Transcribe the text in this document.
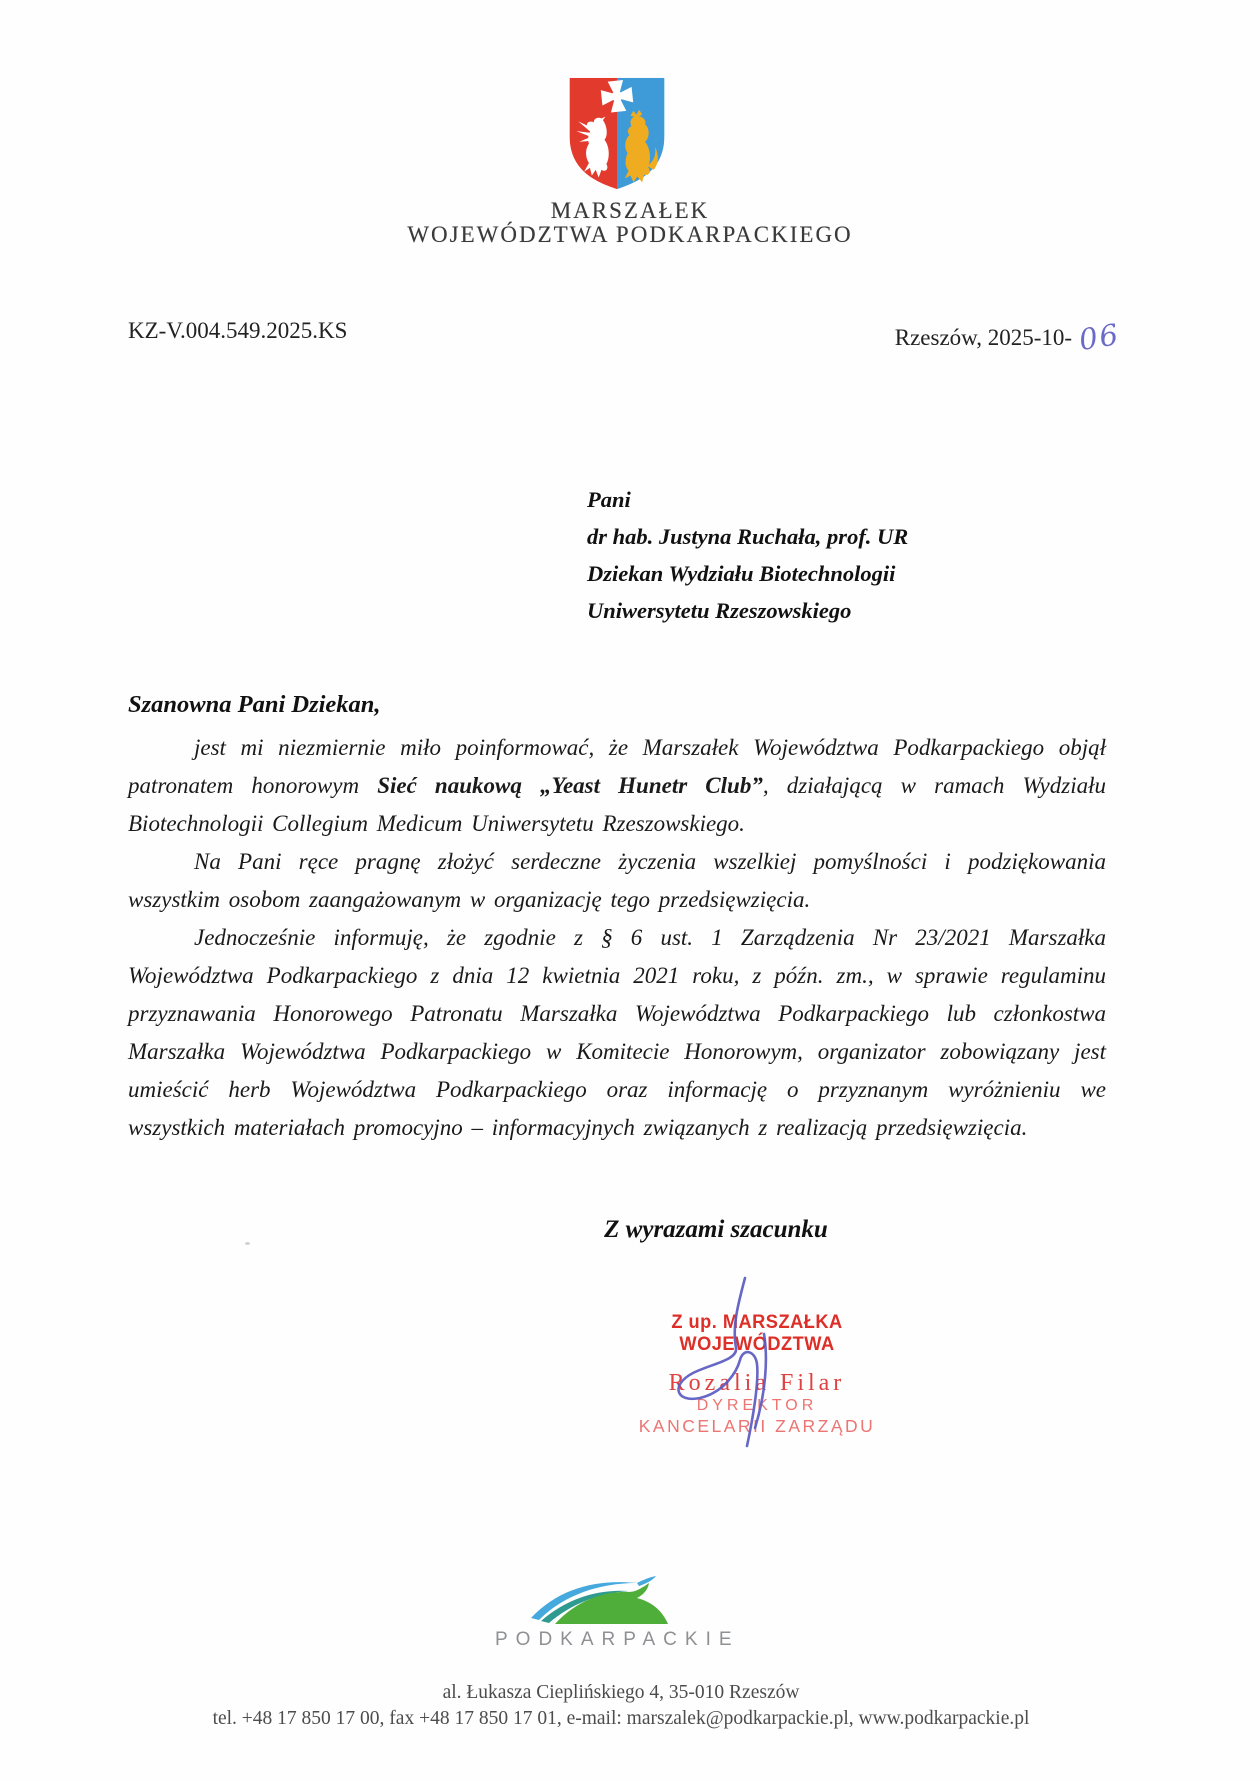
MARSZAŁEK
WOJEWÓDZTWA PODKARPACKIEGO
KZ-V.004.549.2025.KS	Rzeszów, 2025-10- 06
Pani
dr hab. Justyna Ruchała, prof. UR
Dziekan Wydziału Biotechnologii
Uniwersytetu Rzeszowskiego
Szanowna Pani Dziekan,

jest mi niezmiernie miło poinformować, że Marszałek Województwa Podkarpackiego objął patronatem honorowym Sieć naukową „Yeast Hunetr Club”, działającą w ramach Wydziału Biotechnologii Collegium Medicum Uniwersytetu Rzeszowskiego.

Na Pani ręce pragnę złożyć serdeczne życzenia wszelkiej pomyślności i podziękowania wszystkim osobom zaangażowanym w organizację tego przedsięwzięcia.

Jednocześnie informuję, że zgodnie z § 6 ust. 1 Zarządzenia Nr 23/2021 Marszałka Województwa Podkarpackiego z dnia 12 kwietnia 2021 roku, z późn. zm., w sprawie regulaminu przyznawania Honorowego Patronatu Marszałka Województwa Podkarpackiego lub członkostwa Marszałka Województwa Podkarpackiego w Komitecie Honorowym, organizator zobowiązany jest umieścić herb Województwa Podkarpackiego oraz informację o przyznanym wyróżnieniu we wszystkich materiałach promocyjno – informacyjnych związanych z realizacją przedsięwzięcia.

Z wyrazami szacunku
Z up. MARSZAŁKA WOJEWÓDZTWA
Rozalia Filar
DYREKTOR
KANCELARII ZARZĄDU
PODKARPACKIE
al. Łukasza Cieplińskiego 4, 35-010 Rzeszów
tel. +48 17 850 17 00, fax +48 17 850 17 01, e-mail: marszalek@podkarpackie.pl, www.podkarpackie.pl
